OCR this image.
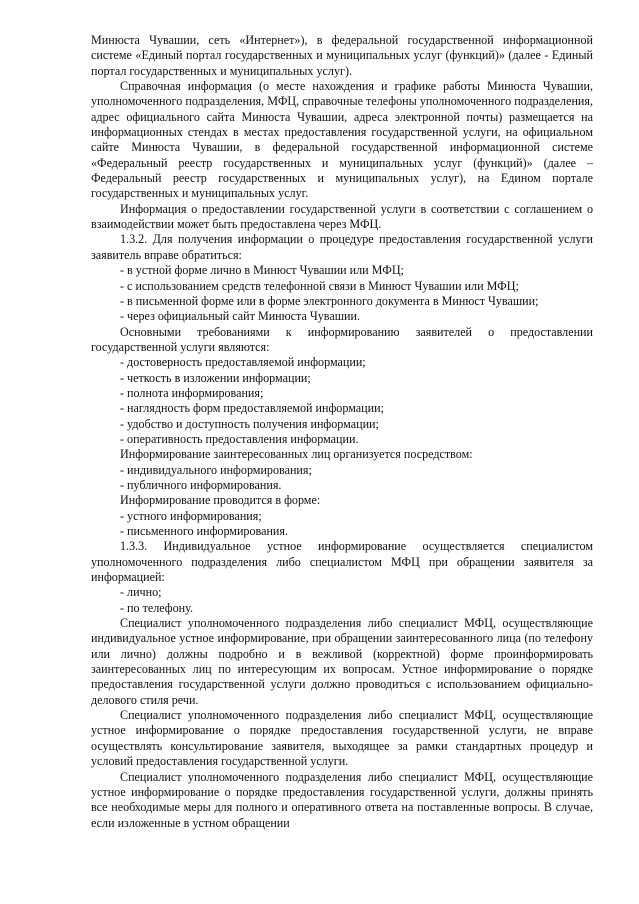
Минюста Чувашии, сеть «Интернет»), в федеральной государственной информационной системе «Единый портал государственных и муниципальных услуг (функций)» (далее - Единый портал государственных и муниципальных услуг).

Справочная информация (о месте нахождения и графике работы Минюста Чувашии, уполномоченного подразделения, МФЦ, справочные телефоны уполномоченного подразделения, адрес официального сайта Минюста Чувашии, адреса электронной почты) размещается на информационных стендах в местах предоставления государственной услуги, на официальном сайте Минюста Чувашии, в федеральной государственной информационной системе «Федеральный реестр государственных и муниципальных услуг (функций)» (далее – Федеральный реестр государственных и муниципальных услуг), на Едином портале государственных и муниципальных услуг.

Информация о предоставлении государственной услуги в соответствии с соглашением о взаимодействии может быть предоставлена через МФЦ.

1.3.2. Для получения информации о процедуре предоставления государственной услуги заявитель вправе обратиться:

- в устной форме лично в Минюст Чувашии или МФЦ;

- с использованием средств телефонной связи в Минюст Чувашии или МФЦ;

- в письменной форме или в форме электронного документа в Минюст Чувашии;

- через официальный сайт Минюста Чувашии.

Основными требованиями к информированию заявителей о предоставлении государственной услуги являются:

- достоверность предоставляемой информации;

- четкость в изложении информации;

- полнота информирования;

- наглядность форм предоставляемой информации;

- удобство и доступность получения информации;

- оперативность предоставления информации.

Информирование заинтересованных лиц организуется посредством:

- индивидуального информирования;

- публичного информирования.

Информирование проводится в форме:

- устного информирования;

- письменного информирования.

1.3.3. Индивидуальное устное информирование осуществляется специалистом уполномоченного подразделения либо специалистом МФЦ при обращении заявителя за информацией:

- лично;

- по телефону.

Специалист уполномоченного подразделения либо специалист МФЦ, осуществляющие индивидуальное устное информирование, при обращении заинтересованного лица (по телефону или лично) должны подробно и в вежливой (корректной) форме проинформировать заинтересованных лиц по интересующим их вопросам. Устное информирование о порядке предоставления государственной услуги должно проводиться с использованием официально-делового стиля речи.

Специалист уполномоченного подразделения либо специалист МФЦ, осуществляющие устное информирование о порядке предоставления государственной услуги, не вправе осуществлять консультирование заявителя, выходящее за рамки стандартных процедур и условий предоставления государственной услуги.

Специалист уполномоченного подразделения либо специалист МФЦ, осуществляющие устное информирование о порядке предоставления государственной услуги, должны принять все необходимые меры для полного и оперативного ответа на поставленные вопросы. В случае, если изложенные в устном обращении
